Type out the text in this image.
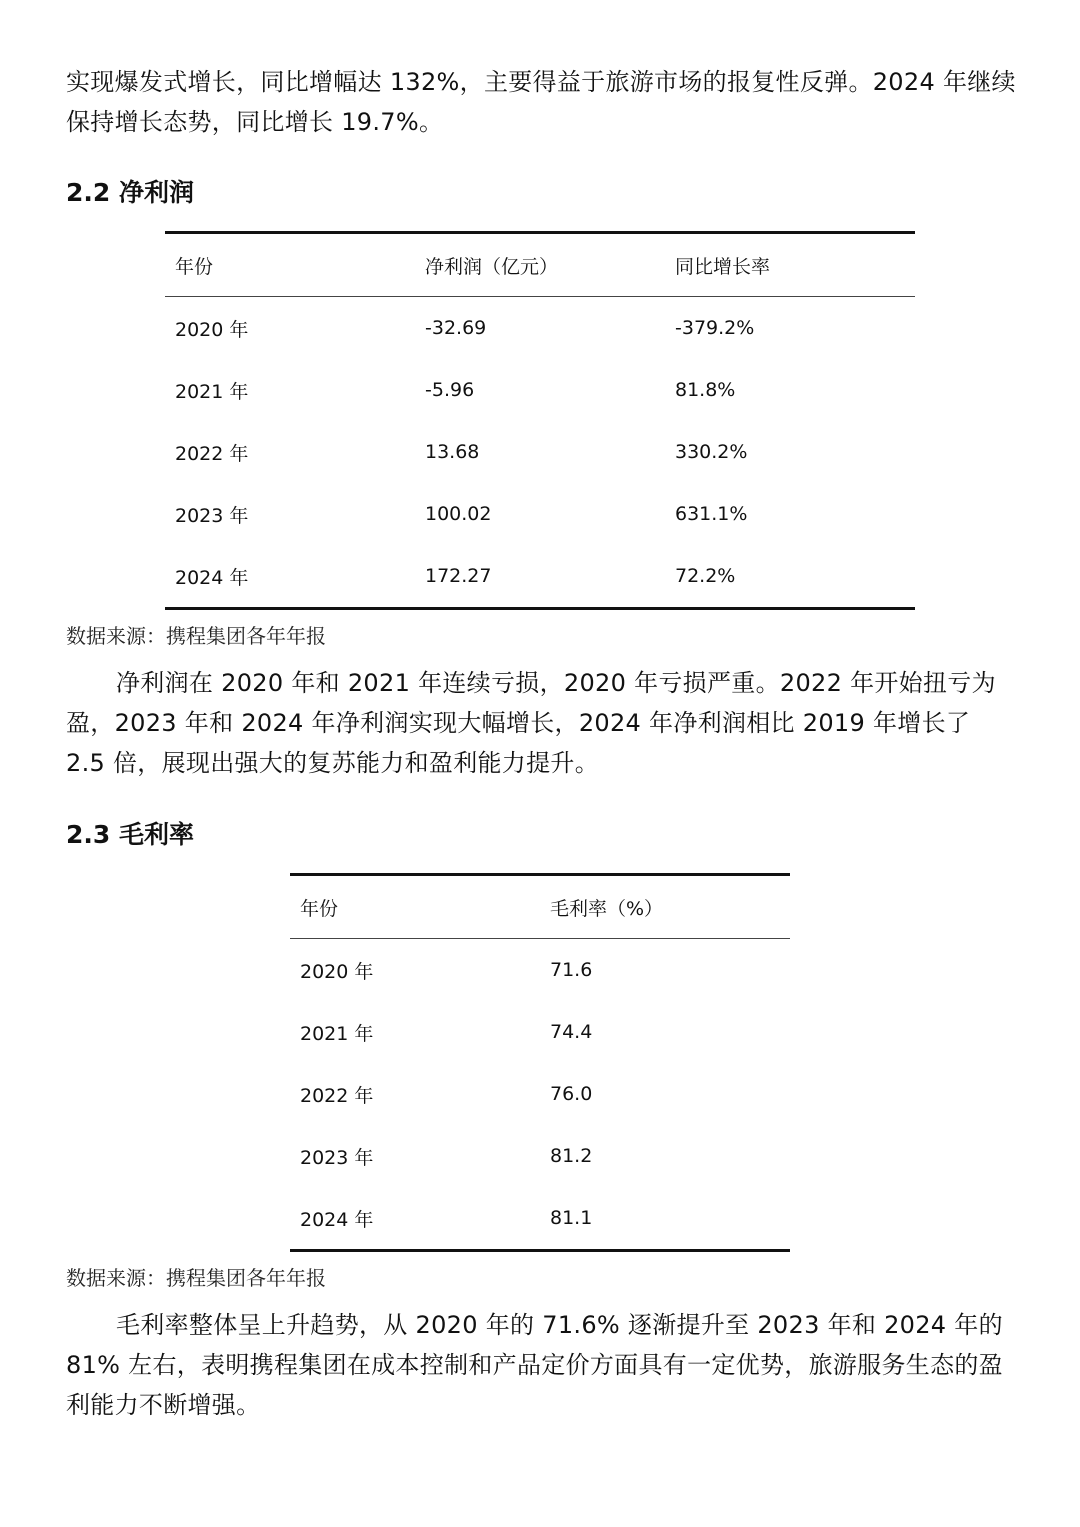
实现爆发式增长，同比增幅达 132%，主要得益于旅游市场的报复性反弹。2024 年继续保持增长态势，同比增长 19.7%。

2.2 净利润
年份	净利润（亿元）	同比增长率
2020 年	-32.69	-379.2%
2021 年	-5.96	81.8%
2022 年	13.68	330.2%
2023 年	100.02	631.1%
2024 年	172.27	72.2%

数据来源：携程集团各年年报

净利润在 2020 年和 2021 年连续亏损，2020 年亏损严重。2022 年开始扭亏为盈，2023 年和 2024 年净利润实现大幅增长，2024 年净利润相比 2019 年增长了 2.5 倍，展现出强大的复苏能力和盈利能力提升。

2.3 毛利率
年份	毛利率（%）
2020 年	71.6
2021 年	74.4
2022 年	76.0
2023 年	81.2
2024 年	81.1

数据来源：携程集团各年年报

毛利率整体呈上升趋势，从 2020 年的 71.6% 逐渐提升至 2023 年和 2024 年的 81% 左右，表明携程集团在成本控制和产品定价方面具有一定优势，旅游服务生态的盈利能力不断增强。
